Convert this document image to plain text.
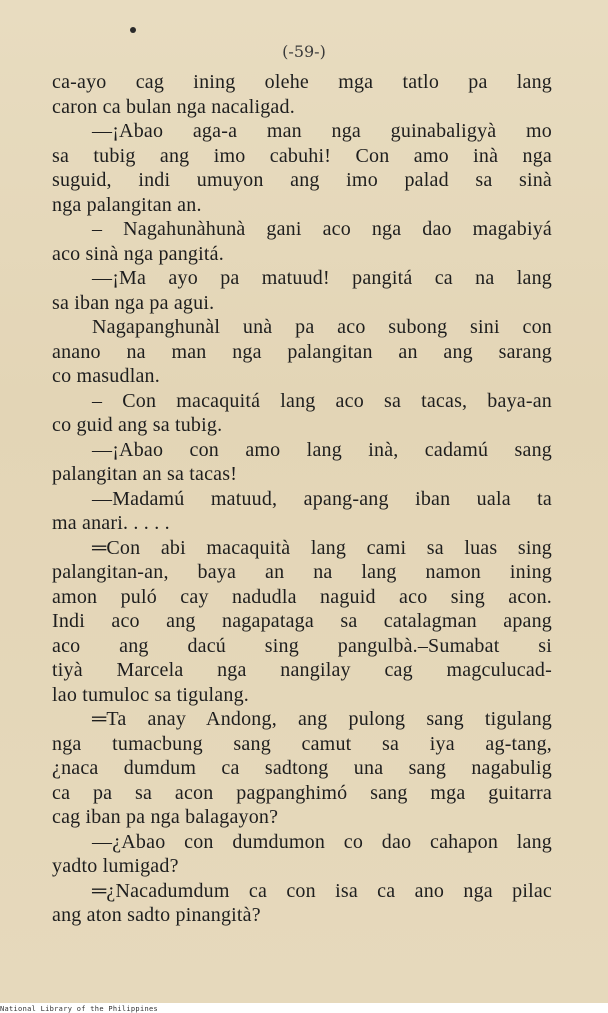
(-59-)
ca-ayo cag ining olehe mga tatlo pa lang
caron ca bulan nga nacaligad.
—¡Abao aga-a man nga guinabaligyà mo
sa tubig ang imo cabuhi! Con amo inà nga
suguid, indi umuyon ang imo palad sa sinà
nga palangitan an.
– Nagahunàhunà gani aco nga dao magabiyá
aco sinà nga pangitá.
—¡Ma ayo pa matuud! pangitá ca na lang
sa iban nga pa agui.
Nagapanghunàl unà pa aco subong sini con
anano na man nga palangitan an ang sarang
co masudlan.
– Con macaquitá lang aco sa tacas, baya-an
co guid ang sa tubig.
—¡Abao con amo lang inà, cadamú sang
palangitan an sa tacas!
—Madamú matuud, apang-ang iban uala ta
ma anari. . . . .
═Con abi macaquità lang cami sa luas sing
palangitan-an, baya an na lang namon ining
amon puló cay nadudla naguid aco sing acon.
Indi aco ang nagapataga sa catalagman apang
aco ang dacú sing pangulbà.–Sumabat si
tiyà Marcela nga nangilay cag magculucad-
lao tumuloc sa tigulang.
═Ta anay Andong, ang pulong sang tigulang
nga tumacbung sang camut sa iya ag-tang,
¿naca dumdum ca sadtong una sang nagabulig
ca pa sa acon pagpanghimó sang mga guitarra
cag iban pa nga balagayon?
—¿Abao con dumdumon co dao cahapon lang
yadto lumigad?
═¿Nacadumdum ca con isa ca ano nga pilac
ang aton sadto pinangità?
National Library of the Philippines
